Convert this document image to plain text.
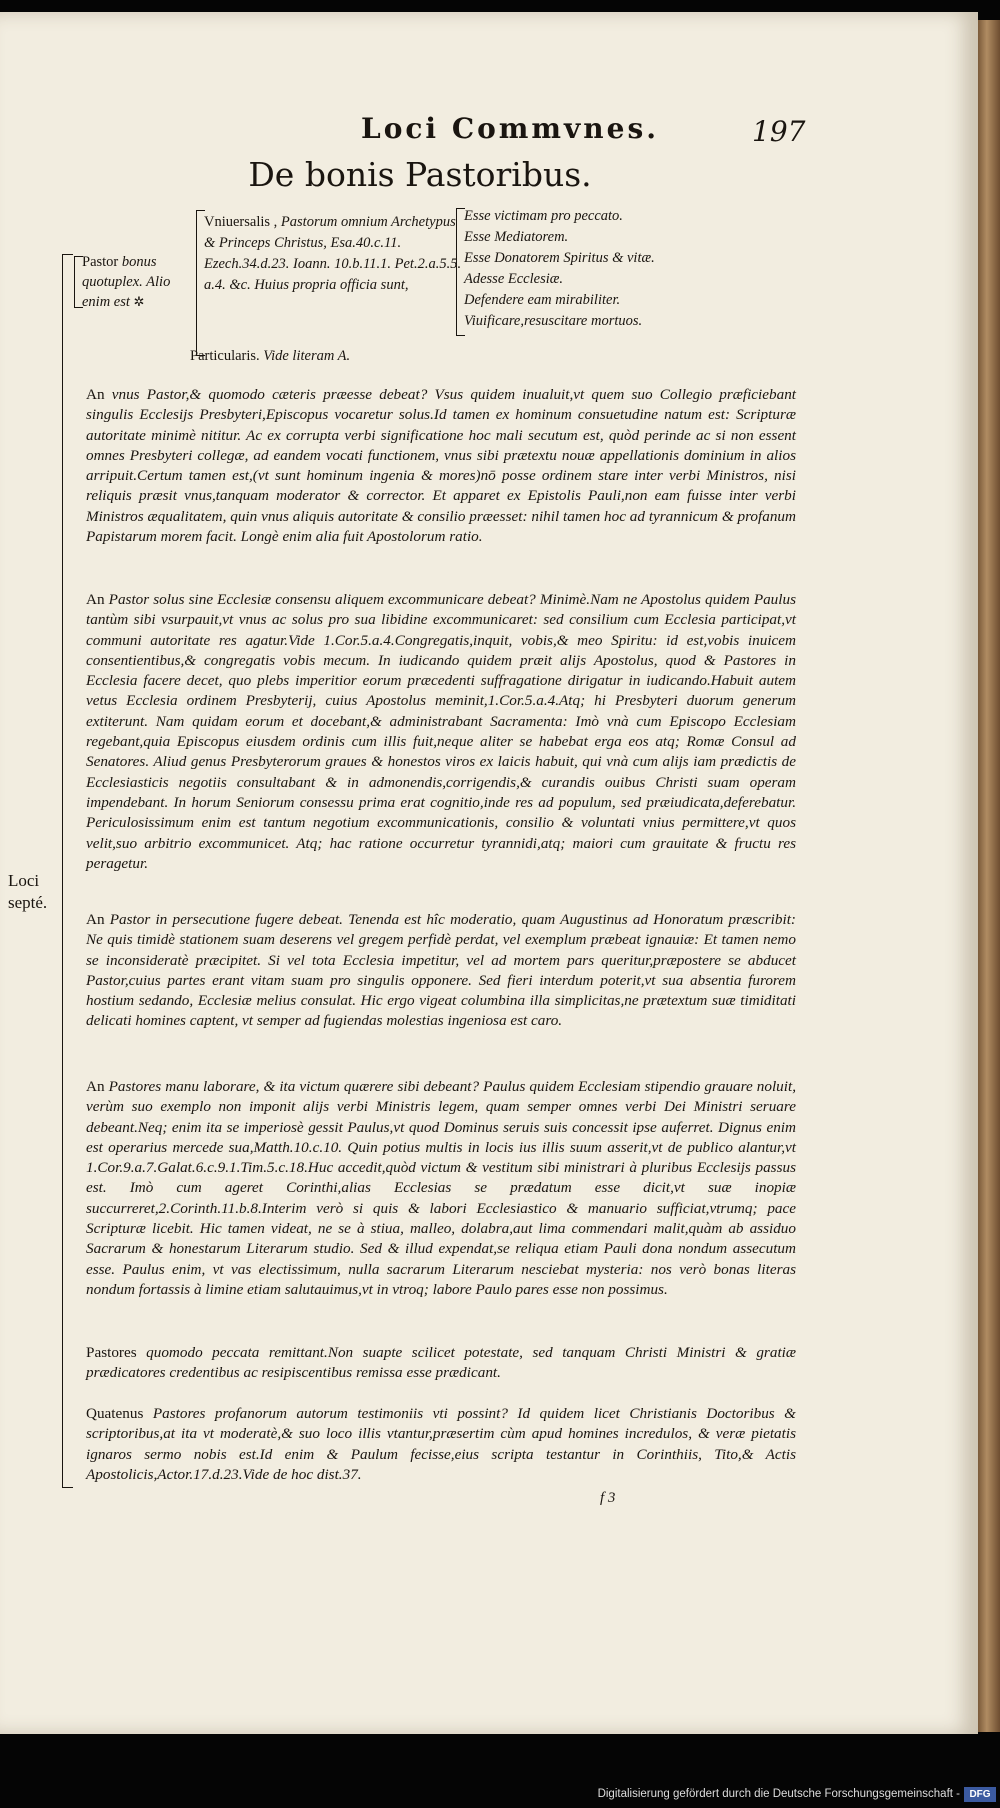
Loci Commvnes.	197
De bonis Pastoribus.
Pastor bonus quotuplex. Alio enim est ✲
Vniuersalis , Pastorum omnium Archetypus & Princeps Christus, Esa.40.c.11. Ezech.34.d.23. Ioann. 10.b.11.1. Pet.2.a.5.5. a.4. &c. Huius propria officia sunt,
Esse victimam pro peccato.
Esse Mediatorem.
Esse Donatorem Spiritus & vitæ.
Adesse Ecclesiæ.
Defendere eam mirabiliter.
Viuificare,resuscitare mortuos.
Particularis. Vide literam A.
Loci septé.
An vnus Pastor,& quomodo cæteris præesse debeat? Vsus quidem inualuit,vt quem suo Collegio præficiebant singulis Ecclesijs Presbyteri,Episcopus vocaretur solus.Id tamen ex hominum consuetudine natum est: Scripturæ autoritate minimè nititur. Ac ex corrupta verbi significatione hoc mali secutum est, quòd perinde ac si non essent omnes Presbyteri collegæ, ad eandem vocati functionem, vnus sibi prætextu nouæ appellationis dominium in alios arripuit.Certum tamen est,(vt sunt hominum ingenia & mores)nō posse ordinem stare inter verbi Ministros, nisi reliquis præsit vnus,tanquam moderator & corrector. Et apparet ex Epistolis Pauli,non eam fuisse inter verbi Ministros æqualitatem, quin vnus aliquis autoritate & consilio præesset: nihil tamen hoc ad tyrannicum & profanum Papistarum morem facit. Longè enim alia fuit Apostolorum ratio.
An Pastor solus sine Ecclesiæ consensu aliquem excommunicare debeat? Minimè.Nam ne Apostolus quidem Paulus tantùm sibi vsurpauit,vt vnus ac solus pro sua libidine excommunicaret: sed consilium cum Ecclesia participat,vt communi autoritate res agatur.Vide 1.Cor.5.a.4.Congregatis,inquit, vobis,& meo Spiritu: id est,vobis inuicem consentientibus,& congregatis vobis mecum. In iudicando quidem præit alijs Apostolus, quod & Pastores in Ecclesia facere decet, quo plebs imperitior eorum præcedenti suffragatione dirigatur in iudicando.Habuit autem vetus Ecclesia ordinem Presbyterij, cuius Apostolus meminit,1.Cor.5.a.4.Atq; hi Presbyteri duorum generum extiterunt. Nam quidam eorum et docebant,& administrabant Sacramenta: Imò vnà cum Episcopo Ecclesiam regebant,quia Episcopus eiusdem ordinis cum illis fuit,neque aliter se habebat erga eos atq; Romæ Consul ad Senatores. Aliud genus Presbyterorum graues & honestos viros ex laicis habuit, qui vnà cum alijs iam prædictis de Ecclesiasticis negotiis consultabant & in admonendis,corrigendis,& curandis ouibus Christi suam operam impendebant. In horum Seniorum consessu prima erat cognitio,inde res ad populum, sed præiudicata,deferebatur. Periculosissimum enim est tantum negotium excommunicationis, consilio & voluntati vnius permittere,vt quos velit,suo arbitrio excommunicet. Atq; hac ratione occurretur tyrannidi,atq; maiori cum grauitate & fructu res peragetur.
An Pastor in persecutione fugere debeat. Tenenda est hîc moderatio, quam Augustinus ad Honoratum præscribit: Ne quis timidè stationem suam deserens vel gregem perfidè perdat, vel exemplum præbeat ignauiæ: Et tamen nemo se inconsideratè præcipitet. Si vel tota Ecclesia impetitur, vel ad mortem pars queritur,præpostere se abducet Pastor,cuius partes erant vitam suam pro singulis opponere. Sed fieri interdum poterit,vt sua absentia furorem hostium sedando, Ecclesiæ melius consulat. Hic ergo vigeat columbina illa simplicitas,ne prætextum suæ timiditati delicati homines captent, vt semper ad fugiendas molestias ingeniosa est caro.
An Pastores manu laborare, & ita victum quærere sibi debeant? Paulus quidem Ecclesiam stipendio grauare noluit, verùm suo exemplo non imponit alijs verbi Ministris legem, quam semper omnes verbi Dei Ministri seruare debeant.Neq; enim ita se imperiosè gessit Paulus,vt quod Dominus seruis suis concessit ipse auferret. Dignus enim est operarius mercede sua,Matth.10.c.10. Quin potius multis in locis ius illis suum asserit,vt de publico alantur,vt 1.Cor.9.a.7.Galat.6.c.9.1.Tim.5.c.18.Huc accedit,quòd victum & vestitum sibi ministrari à pluribus Ecclesijs passus est. Imò cum ageret Corinthi,alias Ecclesias se prædatum esse dicit,vt suæ inopiæ succurreret,2.Corinth.11.b.8.Interim verò si quis & labori Ecclesiastico & manuario sufficiat,vtrumq; pace Scripturæ licebit. Hic tamen videat, ne se à stiua, malleo, dolabra,aut lima commendari malit,quàm ab assiduo Sacrarum & honestarum Literarum studio. Sed & illud expendat,se reliqua etiam Pauli dona nondum assecutum esse. Paulus enim, vt vas electissimum, nulla sacrarum Literarum nesciebat mysteria: nos verò bonas literas nondum fortassis à limine etiam salutauimus,vt in vtroq; labore Paulo pares esse non possimus.
Pastores quomodo peccata remittant.Non suapte scilicet potestate, sed tanquam Christi Ministri & gratiæ prædicatores credentibus ac resipiscentibus remissa esse prædicant.
Quatenus Pastores profanorum autorum testimoniis vti possint? Id quidem licet Christianis Doctoribus & scriptoribus,at ita vt moderatè,& suo loco illis vtantur,præsertim cùm apud homines incredulos, & veræ pietatis ignaros sermo nobis est.Id enim & Paulum fecisse,eius scripta testantur in Corinthiis, Tito,& Actis Apostolicis,Actor.17.d.23.Vide de hoc dist.37.
f 3
Digitalisierung gefördert durch die Deutsche Forschungsgemeinschaft - DFG
